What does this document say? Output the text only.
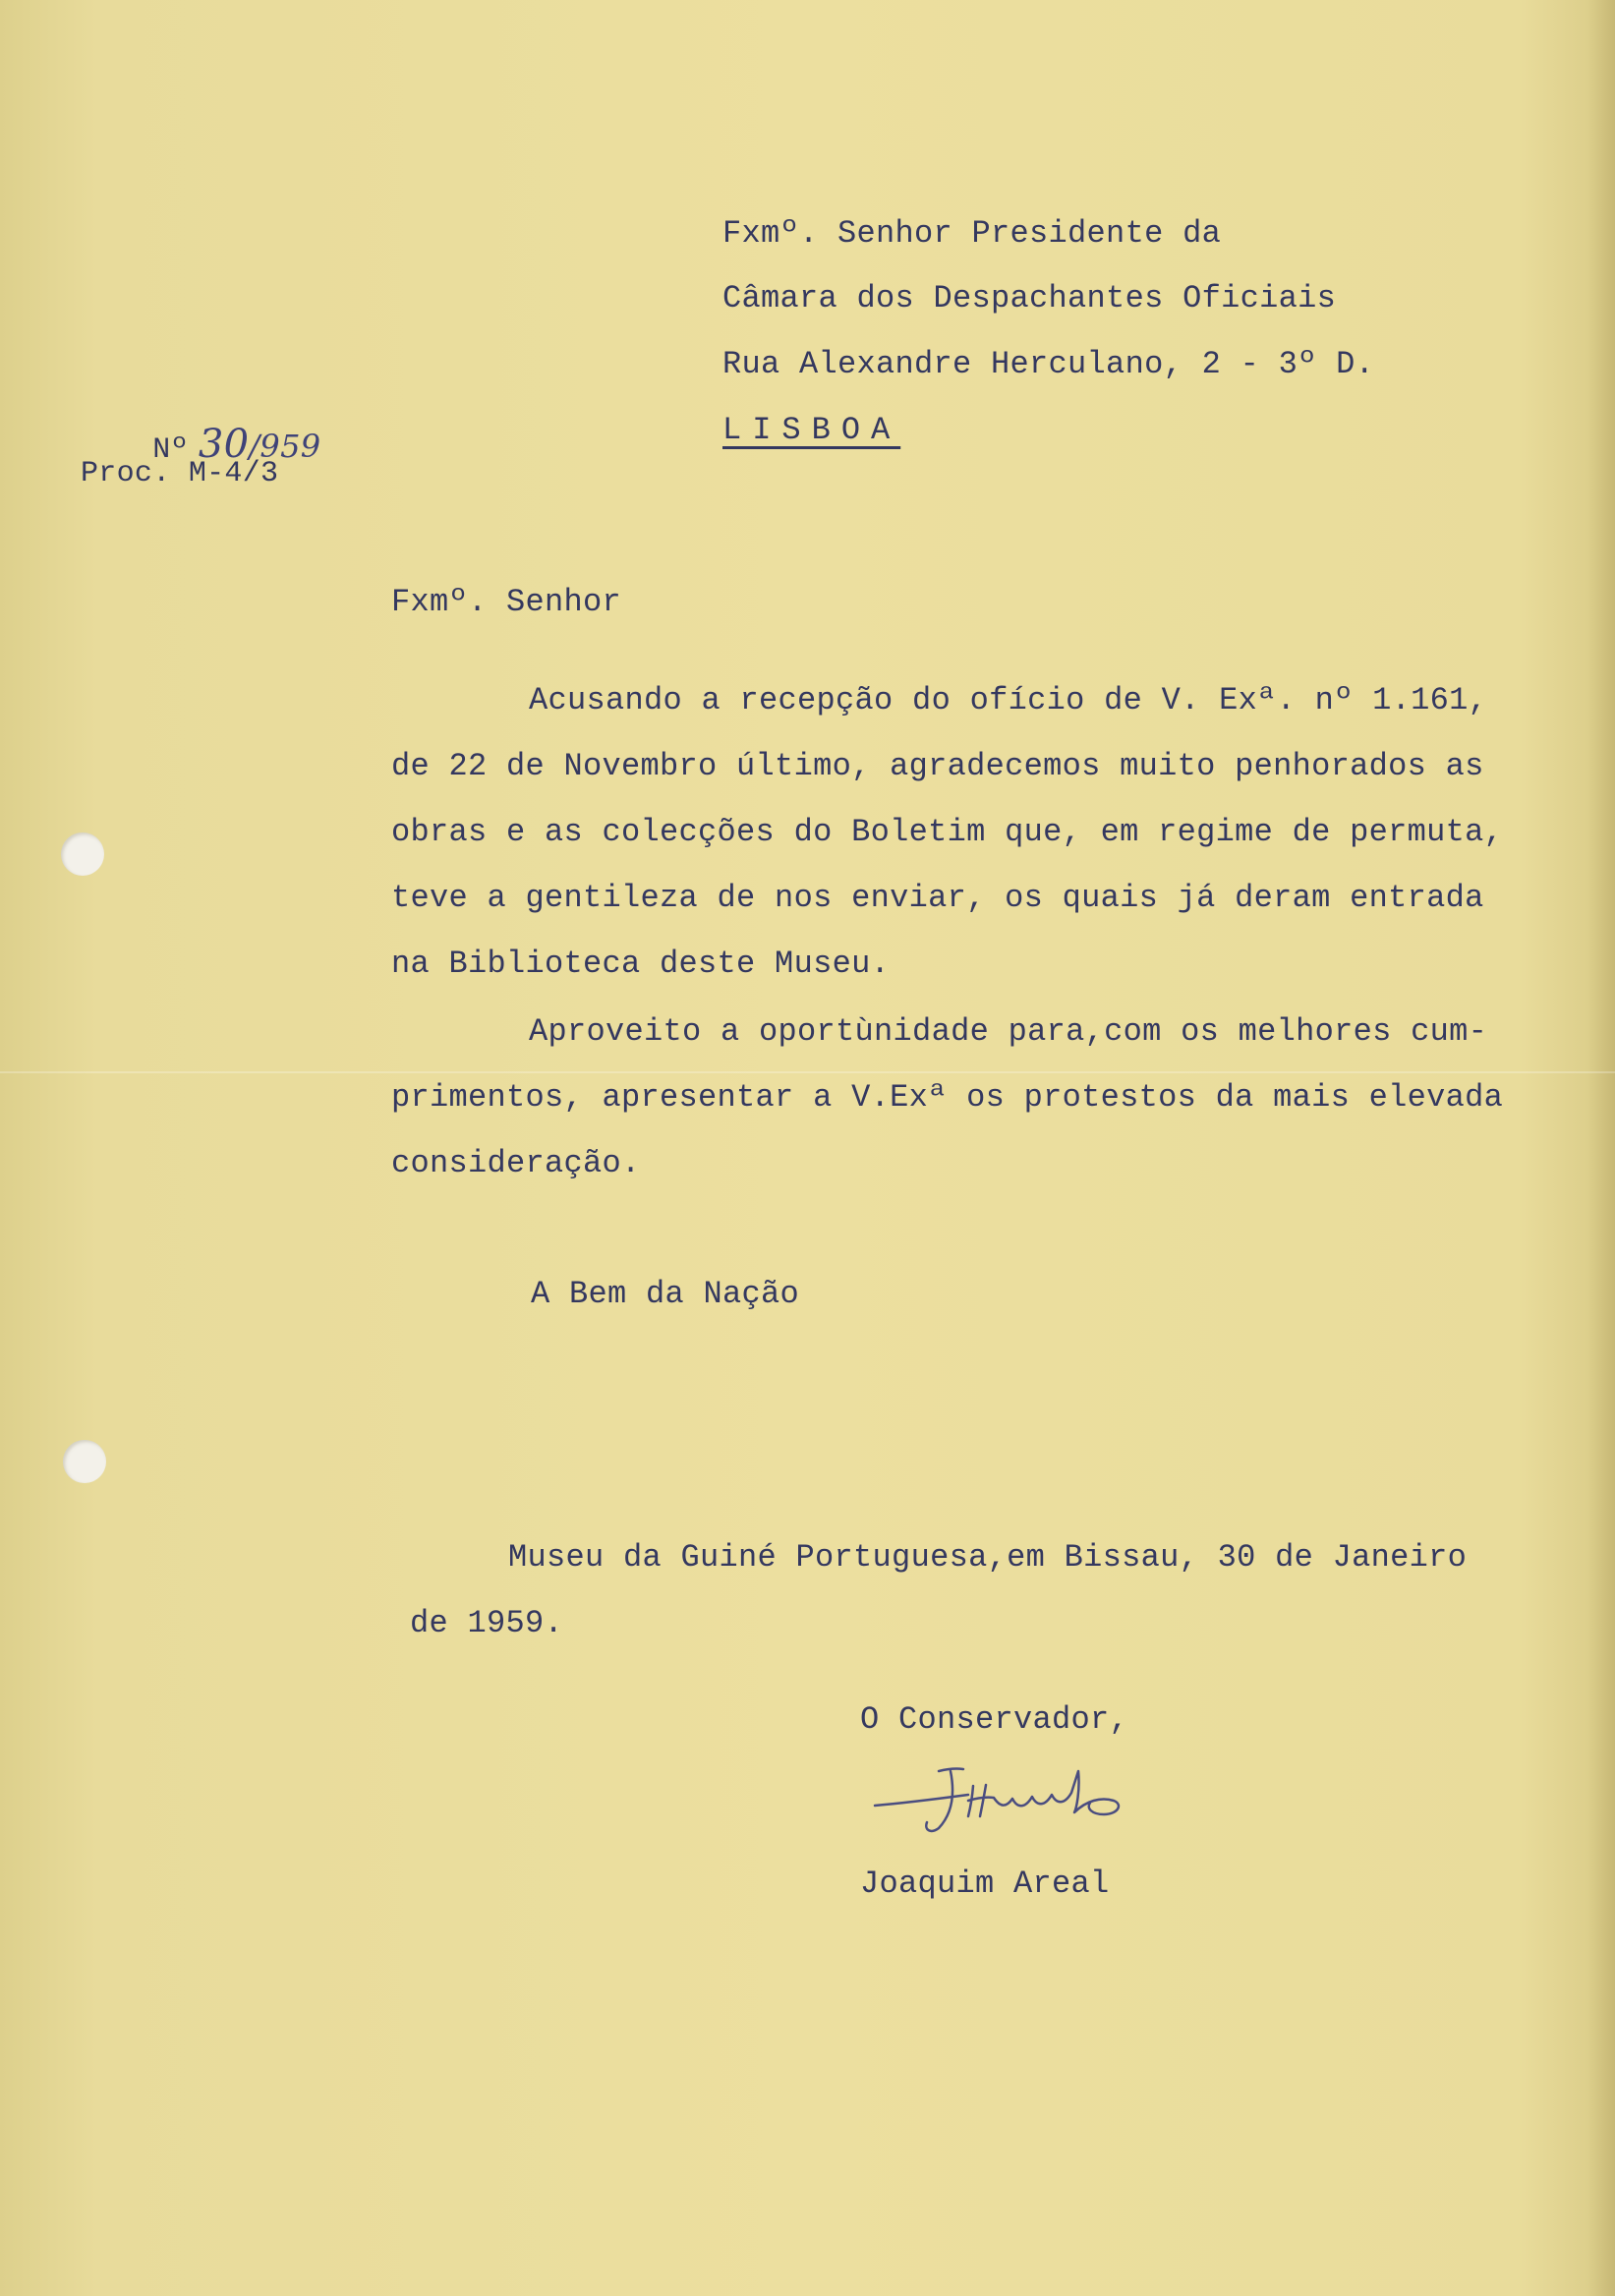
Fxmº. Senhor Presidente da
Câmara dos Despachantes Oficiais
Rua Alexandre Herculano, 2 - 3º D.
LISBOA

Nº 30/959

Proc. M-4/3
Fxmº. Senhor
Acusando a recepção do ofício de V. Exª. nº 1.161,
de 22 de Novembro último, agradecemos muito penhorados as
obras e as colecções do Boletim que, em regime de permuta,
teve a gentileza de nos enviar, os quais já deram entrada
na Biblioteca deste Museu.
Aproveito a oportùnidade para,com os melhores cum-
primentos, apresentar a V.Exª os protestos da mais elevada
consideração.
A Bem da Nação
Museu da Guiné Portuguesa,em Bissau, 30 de Janeiro
de 1959.
O Conservador,
Joaquim Areal
